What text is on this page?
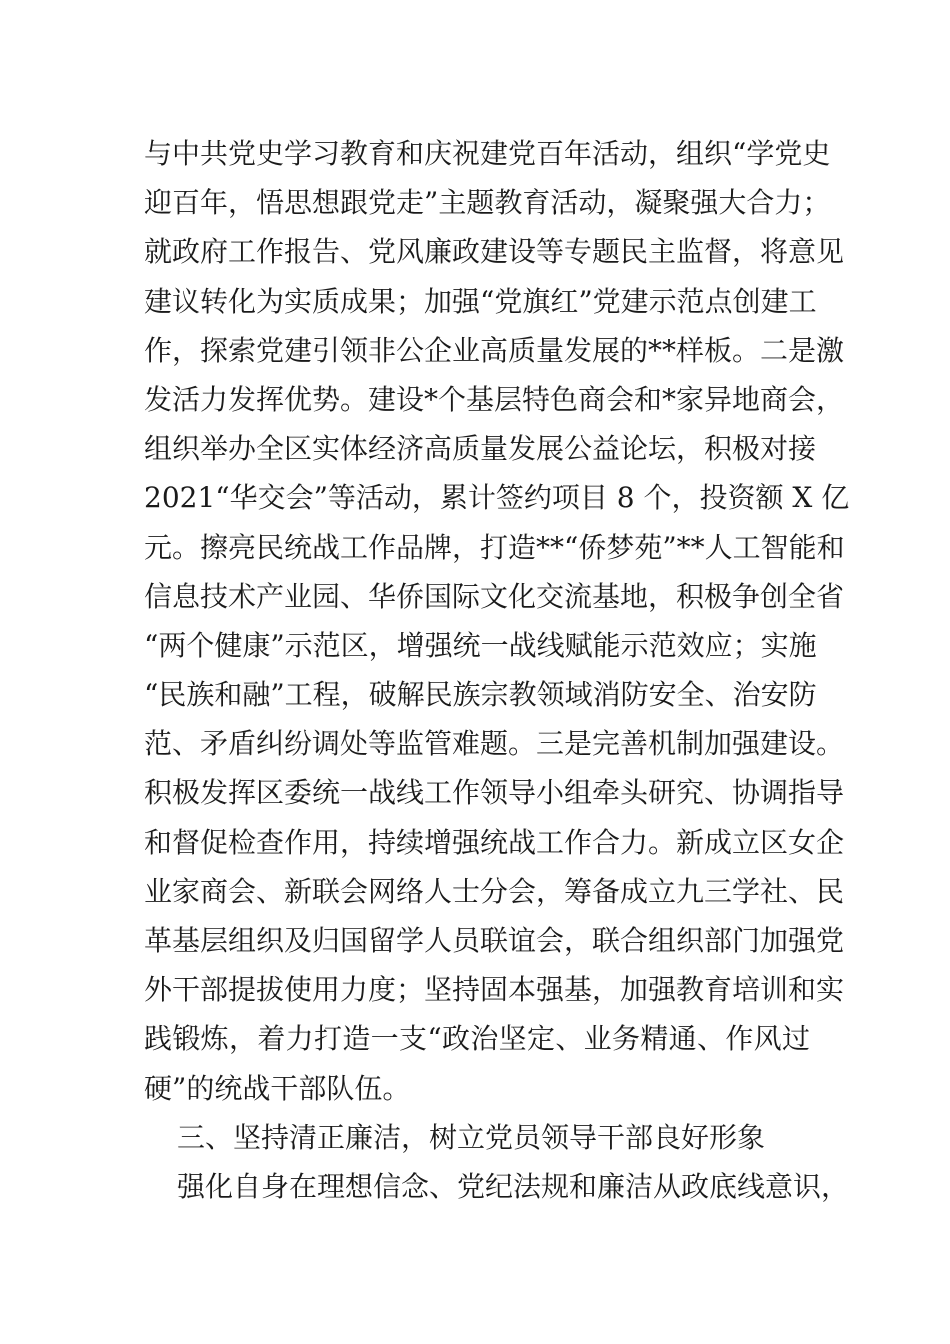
与中共党史学习教育和庆祝建党百年活动，组织“学党史
迎百年，悟思想跟党走”主题教育活动，凝聚强大合力；
就政府工作报告、党风廉政建设等专题民主监督，将意见
建议转化为实质成果；加强“党旗红”党建示范点创建工
作，探索党建引领非公企业高质量发展的**样板。二是激
发活力发挥优势。建设*个基层特色商会和*家异地商会，
组织举办全区实体经济高质量发展公益论坛，积极对接
2021“华交会”等活动，累计签约项目 8 个，投资额 X 亿
元。擦亮民统战工作品牌，打造**“侨梦苑”**人工智能和
信息技术产业园、华侨国际文化交流基地，积极争创全省
“两个健康”示范区，增强统一战线赋能示范效应；实施
“民族和融”工程，破解民族宗教领域消防安全、治安防
范、矛盾纠纷调处等监管难题。三是完善机制加强建设。
积极发挥区委统一战线工作领导小组牵头研究、协调指导
和督促检查作用，持续增强统战工作合力。新成立区女企
业家商会、新联会网络人士分会，筹备成立九三学社、民
革基层组织及归国留学人员联谊会，联合组织部门加强党
外干部提拔使用力度；坚持固本强基，加强教育培训和实
践锻炼，着力打造一支“政治坚定、业务精通、作风过
硬”的统战干部队伍。
三、坚持清正廉洁，树立党员领导干部良好形象
强化自身在理想信念、党纪法规和廉洁从政底线意识，
